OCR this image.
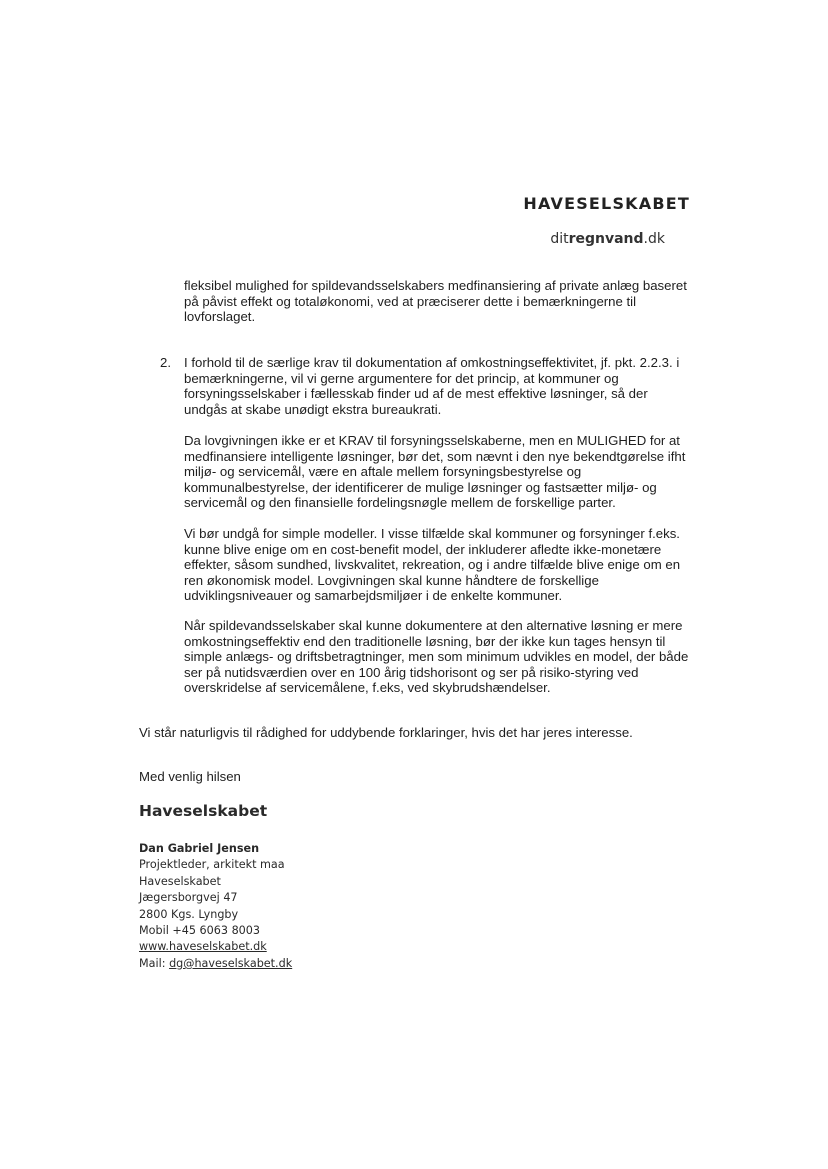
HAVESELSKABET
ditregnvand.dk

fleksibel mulighed for spildevandsselskabers medfinansiering af private anlæg baseret på påvist effekt og totaløkonomi, ved at præciserer dette i bemærkningerne til lovforslaget.

2. I forhold til de særlige krav til dokumentation af omkostningseffektivitet, jf. pkt. 2.2.3. i bemærkningerne, vil vi gerne argumentere for det princip, at kommuner og forsyningsselskaber i fællesskab finder ud af de mest effektive løsninger, så der undgås at skabe unødigt ekstra bureaukrati.

Da lovgivningen ikke er et KRAV til forsyningsselskaberne, men en MULIGHED for at medfinansiere intelligente løsninger, bør det, som nævnt i den nye bekendtgørelse ifht miljø- og servicemål, være en aftale mellem forsyningsbestyrelse og kommunalbestyrelse, der identificerer de mulige løsninger og fastsætter miljø- og servicemål og den finansielle fordelingsnøgle mellem de forskellige parter.

Vi bør undgå for simple modeller. I visse tilfælde skal kommuner og forsyninger f.eks. kunne blive enige om en cost-benefit model, der inkluderer afledte ikke-monetære effekter, såsom sundhed, livskvalitet, rekreation, og i andre tilfælde blive enige om en ren økonomisk model. Lovgivningen skal kunne håndtere de forskellige udviklingsniveauer og samarbejdsmiljøer i de enkelte kommuner.

Når spildevandsselskaber skal kunne dokumentere at den alternative løsning er mere omkostningseffektiv end den traditionelle løsning, bør der ikke kun tages hensyn til simple anlægs- og driftsbetragtninger, men som minimum udvikles en model, der både ser på nutidsværdien over en 100 årig tidshorisont og ser på risiko-styring ved overskridelse af servicemålene, f.eks, ved skybrudshændelser.

Vi står naturligvis til rådighed for uddybende forklaringer, hvis det har jeres interesse.
Med venlig hilsen
Haveselskabet
Dan Gabriel Jensen
Projektleder, arkitekt maa
Haveselskabet
Jægersborgvej 47
2800 Kgs. Lyngby
Mobil +45 6063 8003
www.haveselskabet.dk
Mail: dg@haveselskabet.dk
